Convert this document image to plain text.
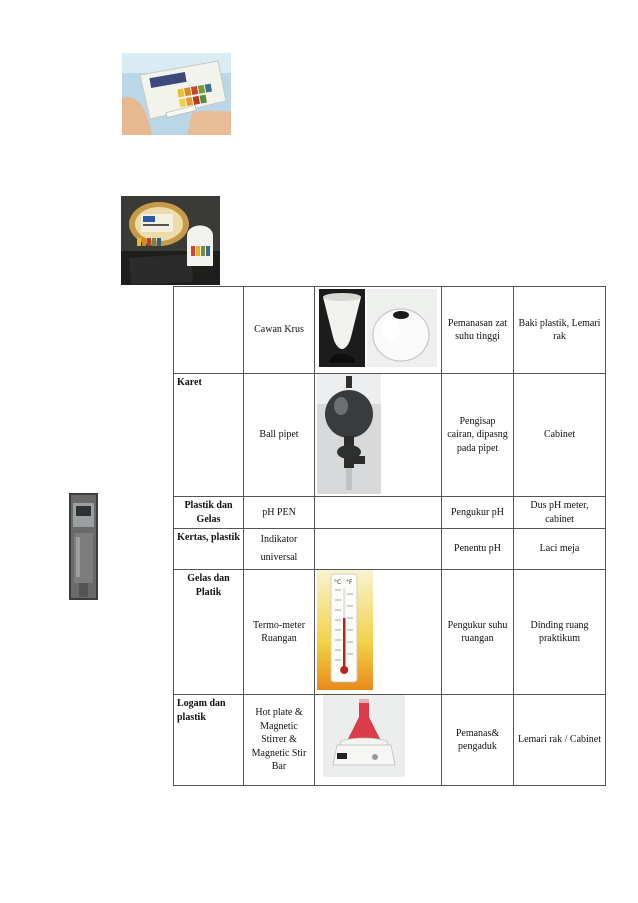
	Cawan Krus		Pemanasan zat suhu tinggi	Baki plastik, Lemari rak
Karet	Ball pipet		Pengisap cairan, dipasng pada pipet	Cabinet
Plastik dan Gelas	pH PEN		Pengukur pH	Dus pH meter, cabinet
Kertas, plastik	Indikator universal		Penentu pH	Laci meja
Gelas dan Platik	Termo-meter Ruangan	°C °F	Pengukur suhu ruangan	Dinding ruang praktikum
Logam dan plastik	Hot plate & Magnetic Stirrer & Magnetic Stir Bar		Pemanas& pengaduk	Lemari rak / Cabinet
